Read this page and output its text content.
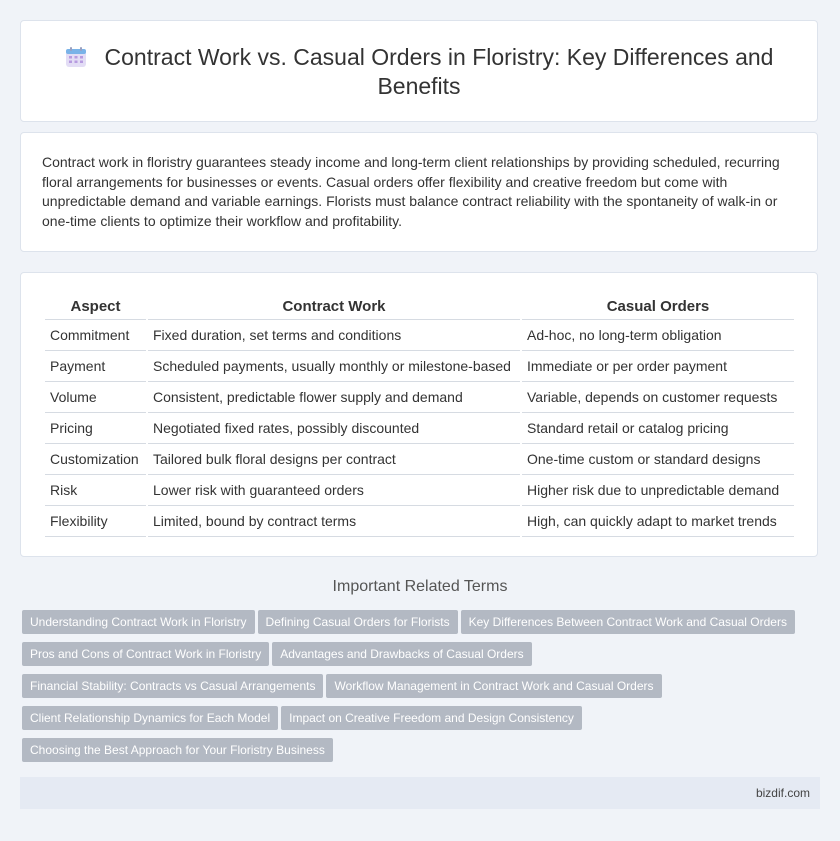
Contract Work vs. Casual Orders in Floristry: Key Differences and Benefits
Contract work in floristry guarantees steady income and long-term client relationships by providing scheduled, recurring floral arrangements for businesses or events. Casual orders offer flexibility and creative freedom but come with unpredictable demand and variable earnings. Florists must balance contract reliability with the spontaneity of walk-in or one-time clients to optimize their workflow and profitability.
Aspect	Contract Work	Casual Orders
Commitment	Fixed duration, set terms and conditions	Ad-hoc, no long-term obligation
Payment	Scheduled payments, usually monthly or milestone-based	Immediate or per order payment
Volume	Consistent, predictable flower supply and demand	Variable, depends on customer requests
Pricing	Negotiated fixed rates, possibly discounted	Standard retail or catalog pricing
Customization	Tailored bulk floral designs per contract	One-time custom or standard designs
Risk	Lower risk with guaranteed orders	Higher risk due to unpredictable demand
Flexibility	Limited, bound by contract terms	High, can quickly adapt to market trends
Important Related Terms
Understanding Contract Work in Floristry Defining Casual Orders for Florists Key Differences Between Contract Work and Casual Orders
Pros and Cons of Contract Work in Floristry Advantages and Drawbacks of Casual Orders
Financial Stability: Contracts vs Casual Arrangements Workflow Management in Contract Work and Casual Orders
Client Relationship Dynamics for Each Model Impact on Creative Freedom and Design Consistency
Choosing the Best Approach for Your Floristry Business
bizdif.com
